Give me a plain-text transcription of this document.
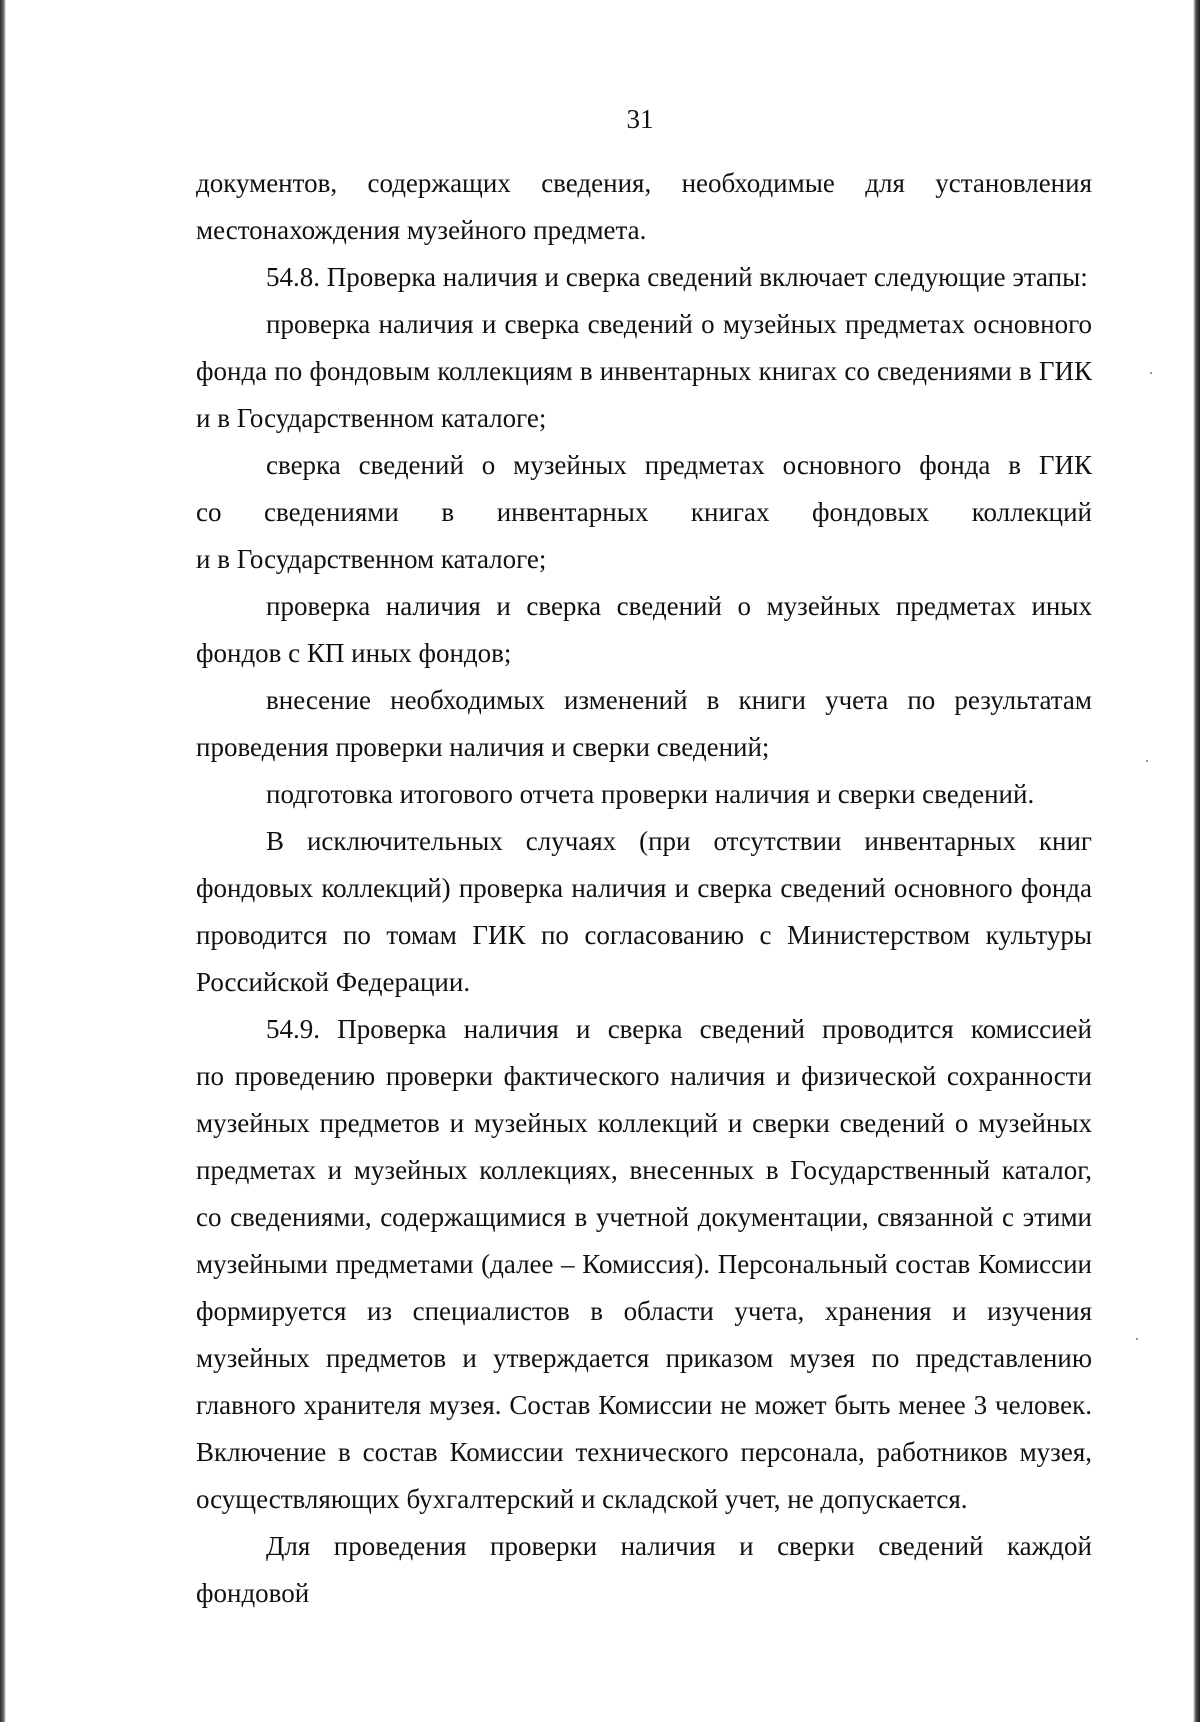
31
документов, содержащих сведения, необходимые для установления
местонахождения музейного предмета.
54.8. Проверка наличия и сверка сведений включает следующие этапы:
проверка наличия и сверка сведений о музейных предметах основного
фонда по фондовым коллекциям в инвентарных книгах со сведениями в ГИК
и в Государственном каталоге;
сверка сведений о музейных предметах основного фонда в ГИК
со сведениями в инвентарных книгах фондовых коллекций
и в Государственном каталоге;
проверка наличия и сверка сведений о музейных предметах иных
фондов с КП иных фондов;
внесение необходимых изменений в книги учета по результатам
проведения проверки наличия и сверки сведений;
подготовка итогового отчета проверки наличия и сверки сведений.
В исключительных случаях (при отсутствии инвентарных книг
фондовых коллекций) проверка наличия и сверка сведений основного фонда
проводится по томам ГИК по согласованию с Министерством культуры
Российской Федерации.
54.9. Проверка наличия и сверка сведений проводится комиссией
по проведению проверки фактического наличия и физической сохранности
музейных предметов и музейных коллекций и сверки сведений о музейных
предметах и музейных коллекциях, внесенных в Государственный каталог,
со сведениями, содержащимися в учетной документации, связанной с этими
музейными предметами (далее – Комиссия). Персональный состав Комиссии
формируется из специалистов в области учета, хранения и изучения
музейных предметов и утверждается приказом музея по представлению
главного хранителя музея. Состав Комиссии не может быть менее 3 человек.
Включение в состав Комиссии технического персонала, работников музея,
осуществляющих бухгалтерский и складской учет, не допускается.
Для проведения проверки наличия и сверки сведений каждой фондовой
